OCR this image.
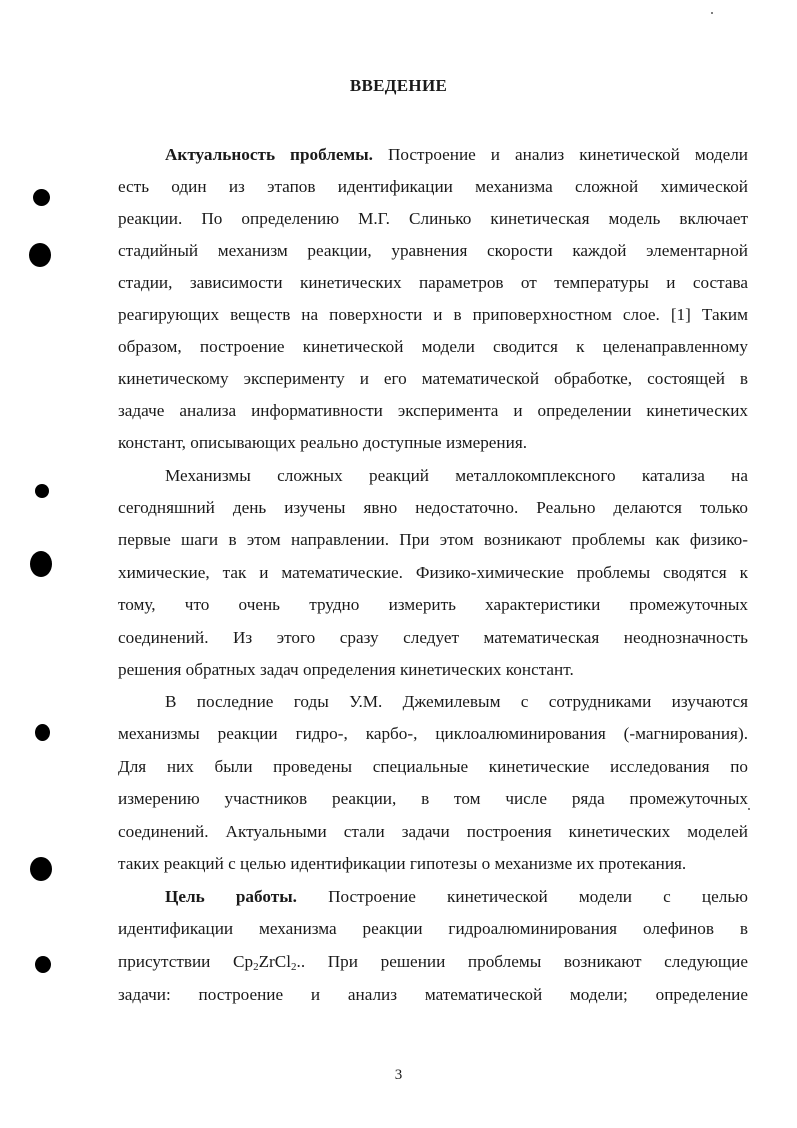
ВВЕДЕНИЕ
Актуальность проблемы. Построение и анализ кинетической модели
есть один из этапов идентификации механизма сложной химической
реакции. По определению М.Г. Слинько кинетическая модель включает
стадийный механизм реакции, уравнения скорости каждой элементарной
стадии, зависимости кинетических параметров от температуры и состава
реагирующих веществ на поверхности и в приповерхностном слое. [1] Таким
образом, построение кинетической модели сводится к целенаправленному
кинетическому эксперименту и его математической обработке, состоящей в
задаче анализа информативности эксперимента и определении кинетических
констант, описывающих реально доступные измерения.
Механизмы сложных реакций металлокомплексного катализа на
сегодняшний день изучены явно недостаточно. Реально делаются только
первые шаги в этом направлении. При этом возникают проблемы как физико-
химические, так и математические. Физико-химические проблемы сводятся к
тому, что очень трудно измерить характеристики промежуточных
соединений. Из этого сразу следует математическая неоднозначность
решения обратных задач определения кинетических констант.
В последние годы У.М. Джемилевым с сотрудниками изучаются
механизмы реакции гидро-, карбо-, циклоалюминирования (-магнирования).
Для них были проведены специальные кинетические исследования по
измерению участников реакции, в том числе ряда промежуточных
соединений. Актуальными стали задачи построения кинетических моделей
таких реакций с целью идентификации гипотезы о механизме их протекания.
Цель работы. Построение кинетической модели с целью
идентификации механизма реакции гидроалюминирования олефинов в
присутствии $Cp_2ZrCl_2$.. При решении проблемы возникают следующие
задачи: построение и анализ математической модели; определение
3
